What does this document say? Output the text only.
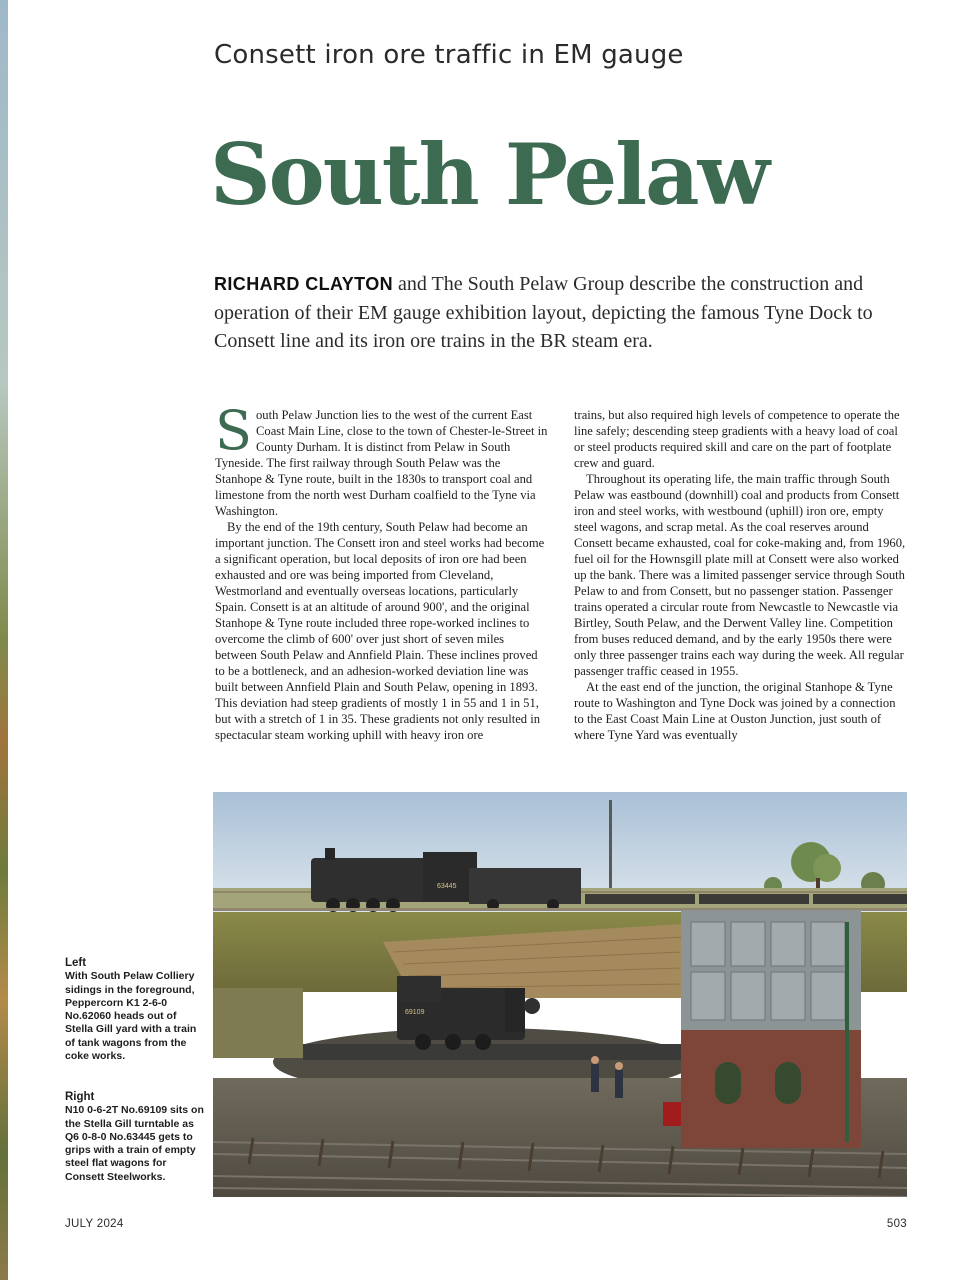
Consett iron ore traffic in EM gauge
South Pelaw

RICHARD CLAYTON and The South Pelaw Group describe the construction and operation of their EM gauge exhibition layout, depicting the famous Tyne Dock to Consett line and its iron ore trains in the BR steam era.

South Pelaw Junction lies to the west of the current East Coast Main Line, close to the town of Chester-le-Street in County Durham. It is distinct from Pelaw in South Tyneside. The first railway through South Pelaw was the Stanhope & Tyne route, built in the 1830s to transport coal and limestone from the north west Durham coalfield to the Tyne via Washington.

By the end of the 19th century, South Pelaw had become an important junction. The Consett iron and steel works had become a significant operation, but local deposits of iron ore had been exhausted and ore was being imported from Cleveland, Westmorland and eventually overseas locations, particularly Spain. Consett is at an altitude of around 900', and the original Stanhope & Tyne route included three rope-worked inclines to overcome the climb of 600' over just short of seven miles between South Pelaw and Annfield Plain. These inclines proved to be a bottleneck, and an adhesion-worked deviation line was built between Annfield Plain and South Pelaw, opening in 1893. This deviation had steep gradients of mostly 1 in 55 and 1 in 51, but with a stretch of 1 in 35. These gradients not only resulted in spectacular steam working uphill with heavy iron ore

trains, but also required high levels of competence to operate the line safely; descending steep gradients with a heavy load of coal or steel products required skill and care on the part of footplate crew and guard.

Throughout its operating life, the main traffic through South Pelaw was eastbound (downhill) coal and products from Consett iron and steel works, with westbound (uphill) iron ore, empty steel wagons, and scrap metal. As the coal reserves around Consett became exhausted, coal for coke-making and, from 1960, fuel oil for the Hownsgill plate mill at Consett were also worked up the bank. There was a limited passenger service through South Pelaw to and from Consett, but no passenger station. Passenger trains operated a circular route from Newcastle to Newcastle via Birtley, South Pelaw, and the Derwent Valley line. Competition from buses reduced demand, and by the early 1950s there were only three passenger trains each way during the week. All regular passenger traffic ceased in 1955.

At the east end of the junction, the original Stanhope & Tyne route to Washington and Tyne Dock was joined by a connection to the East Coast Main Line at Ouston Junction, just south of where Tyne Yard was eventually

63445
69109
Left
With South Pelaw Colliery sidings in the foreground, Peppercorn K1 2-6-0 No.62060 heads out of Stella Gill yard with a train of tank wagons from the coke works.
Right
N10 0-6-2T No.69109 sits on the Stella Gill turntable as Q6 0-8-0 No.63445 gets to grips with a train of empty steel flat wagons for Consett Steelworks.
JULY 2024	503
